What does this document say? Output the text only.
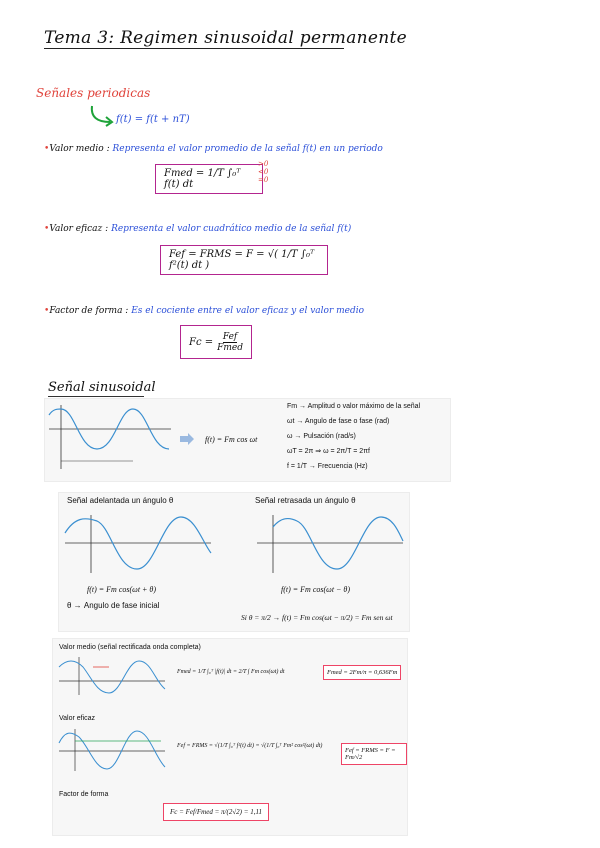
Tema 3: Regimen sinusoidal permanente
Señales periodicas
f(t) = f(t + nT)
•Valor medio : Representa el valor promedio de la señal f(t) en un periodo
Fmed = 1/T ∫₀ᵀ f(t) dt
>0
<0
=0
•Valor eficaz : Representa el valor cuadrático medio de la señal f(t)
Fef = FRMS = F = √( 1/T ∫₀ᵀ f²(t) dt )
•Factor de forma : Es el cociente entre el valor eficaz y el valor medio
Fc = Fef
Fmed
Señal sinusoidal
f(t) = Fm cos ωt
Fm → Amplitud o valor máximo de la señal
ωt → Angulo de fase o fase (rad)
ω → Pulsación (rad/s)
ωT = 2π ⇒ ω = 2π/T = 2πf
f = 1/T → Frecuencia (Hz)
Señal adelantada un ángulo θ	Señal retrasada un ángulo θ
f(t) = Fm cos(ωt + θ)	f(t) = Fm cos(ωt − θ)
θ → Angulo de fase inicial
Si θ = π/2 → f(t) = Fm cos(ωt − π/2) = Fm sen ωt
Valor medio (señal rectificada onda completa)
Fmed = 1/T ∫₀ᵀ |f(t)| dt = 2/T ∫ Fm cos(ωt) dt	Fmed = 2Fm/π = 0,636Fm
Valor eficaz
Fef = FRMS = √(1/T ∫₀ᵀ f²(t) dt) = √(1/T ∫₀ᵀ Fm² cos²(ωt) dt)
Fef = FRMS = F = Fm/√2
Factor de forma
Fc = Fef/Fmed = π/(2√2) = 1,11
